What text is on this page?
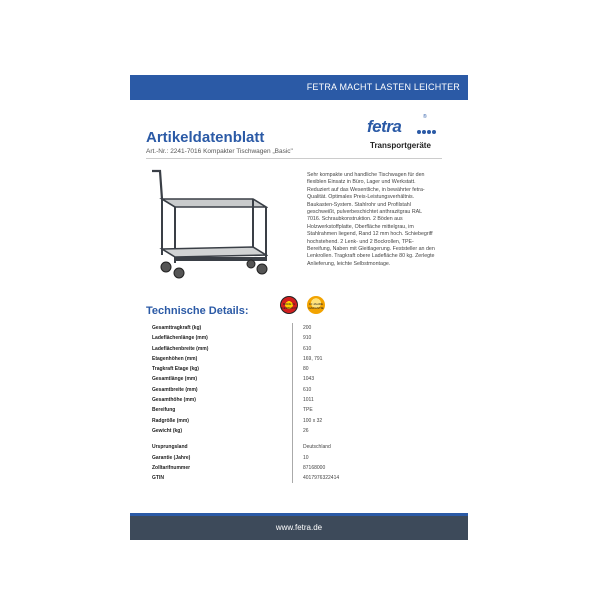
FETRA MACHT LASTEN LEICHTER
Artikeldatenblatt
Art.-Nr.: 2241-7016 Kompakter Tischwagen „Basic"
fetra	®
Transportgeräte
Sehr kompakte und handliche Tischwagen für den flexiblen Einsatz in Büro, Lager und Werkstatt. Reduziert auf das Wesentliche, in bewährter fetra-Qualität. Optimales Preis-Leistungsverhältnis. Baukasten-System. Stahlrohr und Profilstahl geschweißt, pulverbeschichtet anthrazitgrau RAL 7016. Schraubkonstruktion. 2 Böden aus Holzwerkstoffplatte, Oberfläche mittelgrau, im Stahlrahmen liegend, Rand 12 mm hoch. Schiebegriff hochstehend. 2 Lenk- und 2 Bockrollen, TPE-Bereifung, Naben mit Gleitlagerung. Feststeller an den Lenkrollen. Tragkraft obere Ladefläche 80 kg. Zerlegte Anlieferung, leichte Selbstmontage.
Technische Details:
MADE IN GERMANY
10 JAHRE GARANTIE
Gesamttragkraft (kg)	200
Ladeflächenlänge (mm)	910
Ladeflächenbreite (mm)	610
Etagenhöhen (mm)	169, 791
Tragkraft Etage (kg)	80
Gesamtlänge (mm)	1043
Gesamtbreite (mm)	610
Gesamthöhe (mm)	1011
Bereifung	TPE
Radgröße (mm)	100 x 32
Gewicht (kg)	26
Ursprungsland	Deutschland
Garantie (Jahre)	10
Zolltarifnummer	87168000
GTIN	4017976322414
www.fetra.de
